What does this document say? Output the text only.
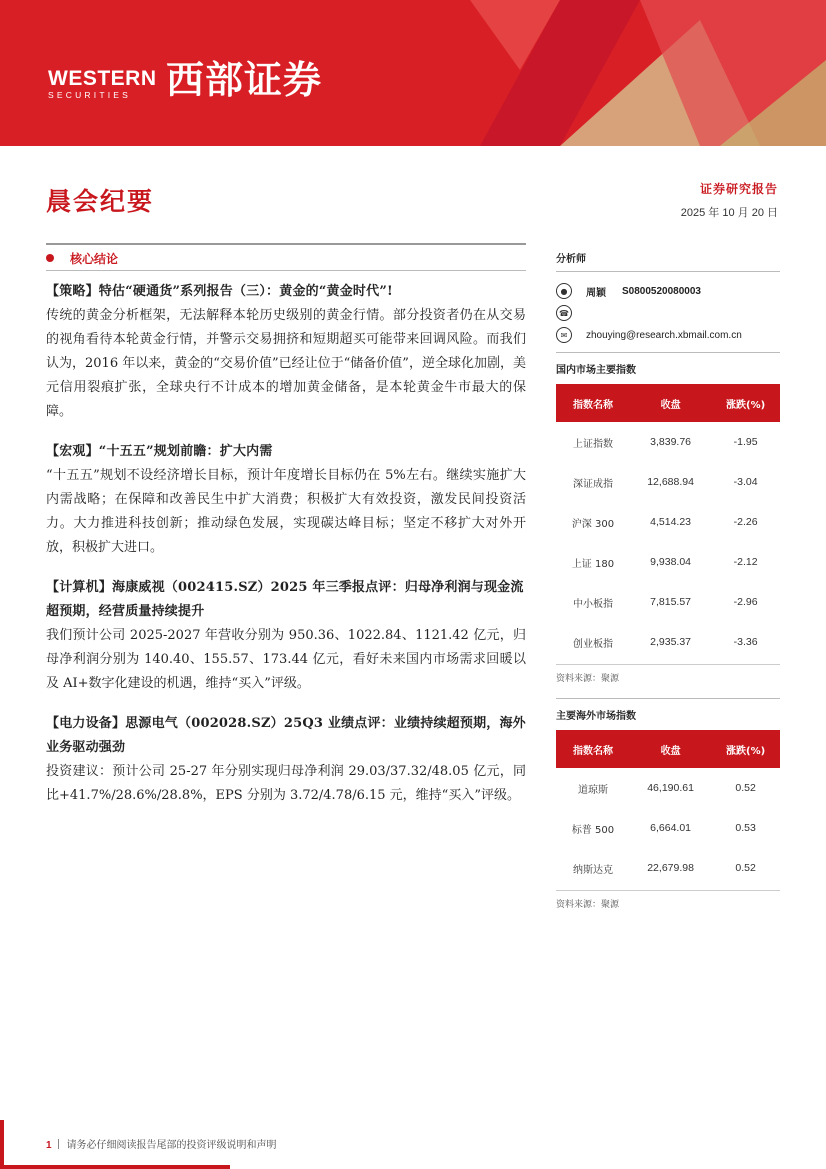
WESTERN
SECURITIES 西部证券
晨会纪要	证券研究报告
2025 年 10 月 20 日
核心结论
【策略】特估“硬通货”系列报告（三）：黄金的“黄金时代”!

传统的黄金分析框架，无法解释本轮历史级别的黄金行情。部分投资者仍在从交易的视角看待本轮黄金行情，并警示交易拥挤和短期超买可能带来回调风险。而我们认为，2016 年以来，黄金的“交易价值”已经让位于“储备价值”，逆全球化加剧，美元信用裂痕扩张，全球央行不计成本的增加黄金储备，是本轮黄金牛市最大的保障。

【宏观】“十五五”规划前瞻：扩大内需

“十五五”规划不设经济增长目标，预计年度增长目标仍在 5%左右。继续实施扩大内需战略；在保障和改善民生中扩大消费；积极扩大有效投资，激发民间投资活力。大力推进科技创新；推动绿色发展，实现碳达峰目标；坚定不移扩大对外开放，积极扩大进口。

【计算机】海康威视（002415.SZ）2025 年三季报点评：归母净利润与现金流超预期，经营质量持续提升

我们预计公司 2025-2027 年营收分别为 950.36、1022.84、1121.42 亿元，归母净利润分别为 140.40、155.57、173.44 亿元，看好未来国内市场需求回暖以及 AI+数字化建设的机遇，维持“买入”评级。

【电力设备】思源电气（002028.SZ）25Q3 业绩点评：业绩持续超预期，海外业务驱动强劲

投资建议：预计公司 25-27 年分别实现归母净利润 29.03/37.32/48.05 亿元，同比+41.7%/28.6%/28.8%，EPS 分别为 3.72/4.78/6.15 元，维持“买入”评级。

分析师
●	周颖 S0800520080003
☎
✉	zhouying@research.xbmail.com.cn
国内市场主要指数
指数名称	收盘	涨跌(%)
上证指数	3,839.76	-1.95
深证成指	12,688.94	-3.04
沪深 300	4,514.23	-2.26
上证 180	9,938.04	-2.12
中小板指	7,815.57	-2.96
创业板指	2,935.37	-3.36
资料来源：聚源
主要海外市场指数
指数名称	收盘	涨跌(%)
道琼斯	46,190.61	0.52
标普 500	6,664.01	0.53
纳斯达克	22,679.98	0.52
资料来源：聚源
1 请务必仔细阅读报告尾部的投资评级说明和声明
